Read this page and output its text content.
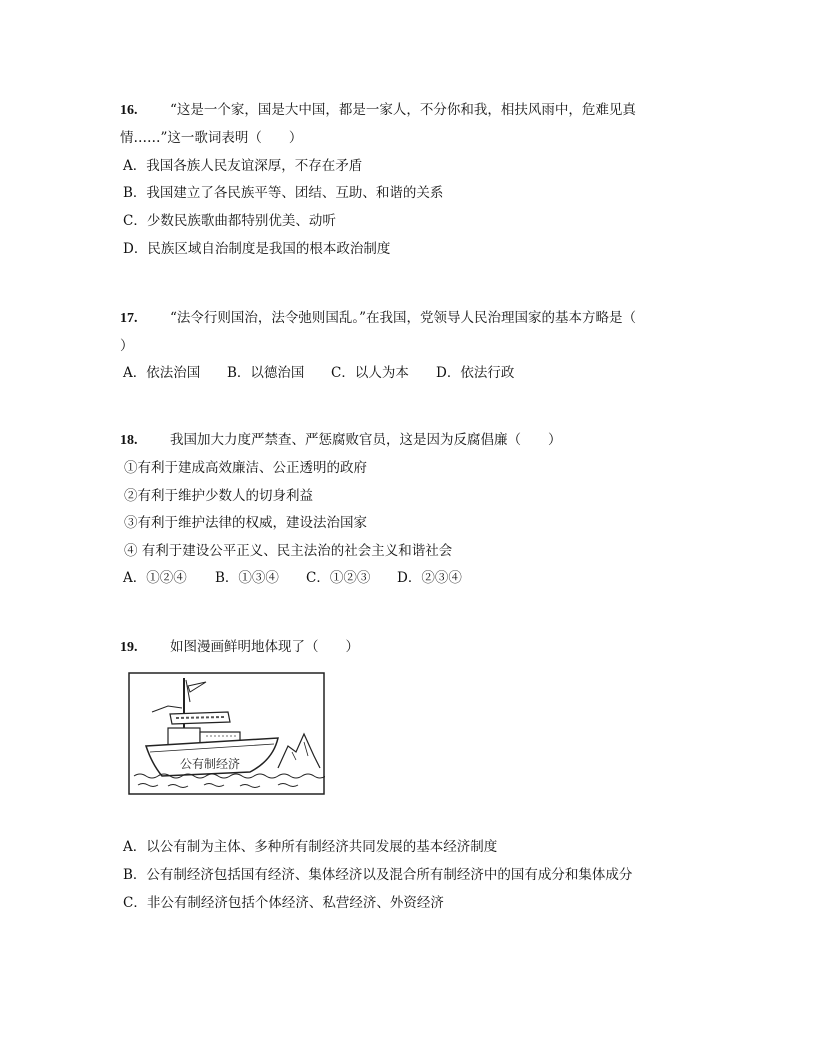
16. “这是一个家，国是大中国，都是一家人，不分你和我，相扶风雨中，危难见真
情……”这一歌词表明（　　）
A．我国各族人民友谊深厚，不存在矛盾
B．我国建立了各民族平等、团结、互助、和谐的关系
C．少数民族歌曲都特别优美、动听
D．民族区域自治制度是我国的根本政治制度
17. “法令行则国治，法令弛则国乱。”在我国，党领导人民治理国家的基本方略是（
）
A．依法治国 B．以德治国 C．以人为本 D．依法行政
18. 我国加大力度严禁查、严惩腐败官员，这是因为反腐倡廉（　　）
①有利于建成高效廉洁、公正透明的政府
②有利于维护少数人的切身利益
③有利于维护法律的权威，建设法治国家
④ 有利于建设公平正义、民主法治的社会主义和谐社会
A．①②④ B．①③④ C．①②③ D．②③④
19. 如图漫画鲜明地体现了（　　）
公有制经济
A．以公有制为主体、多种所有制经济共同发展的基本经济制度
B．公有制经济包括国有经济、集体经济以及混合所有制经济中的国有成分和集体成分
C．非公有制经济包括个体经济、私营经济、外资经济
